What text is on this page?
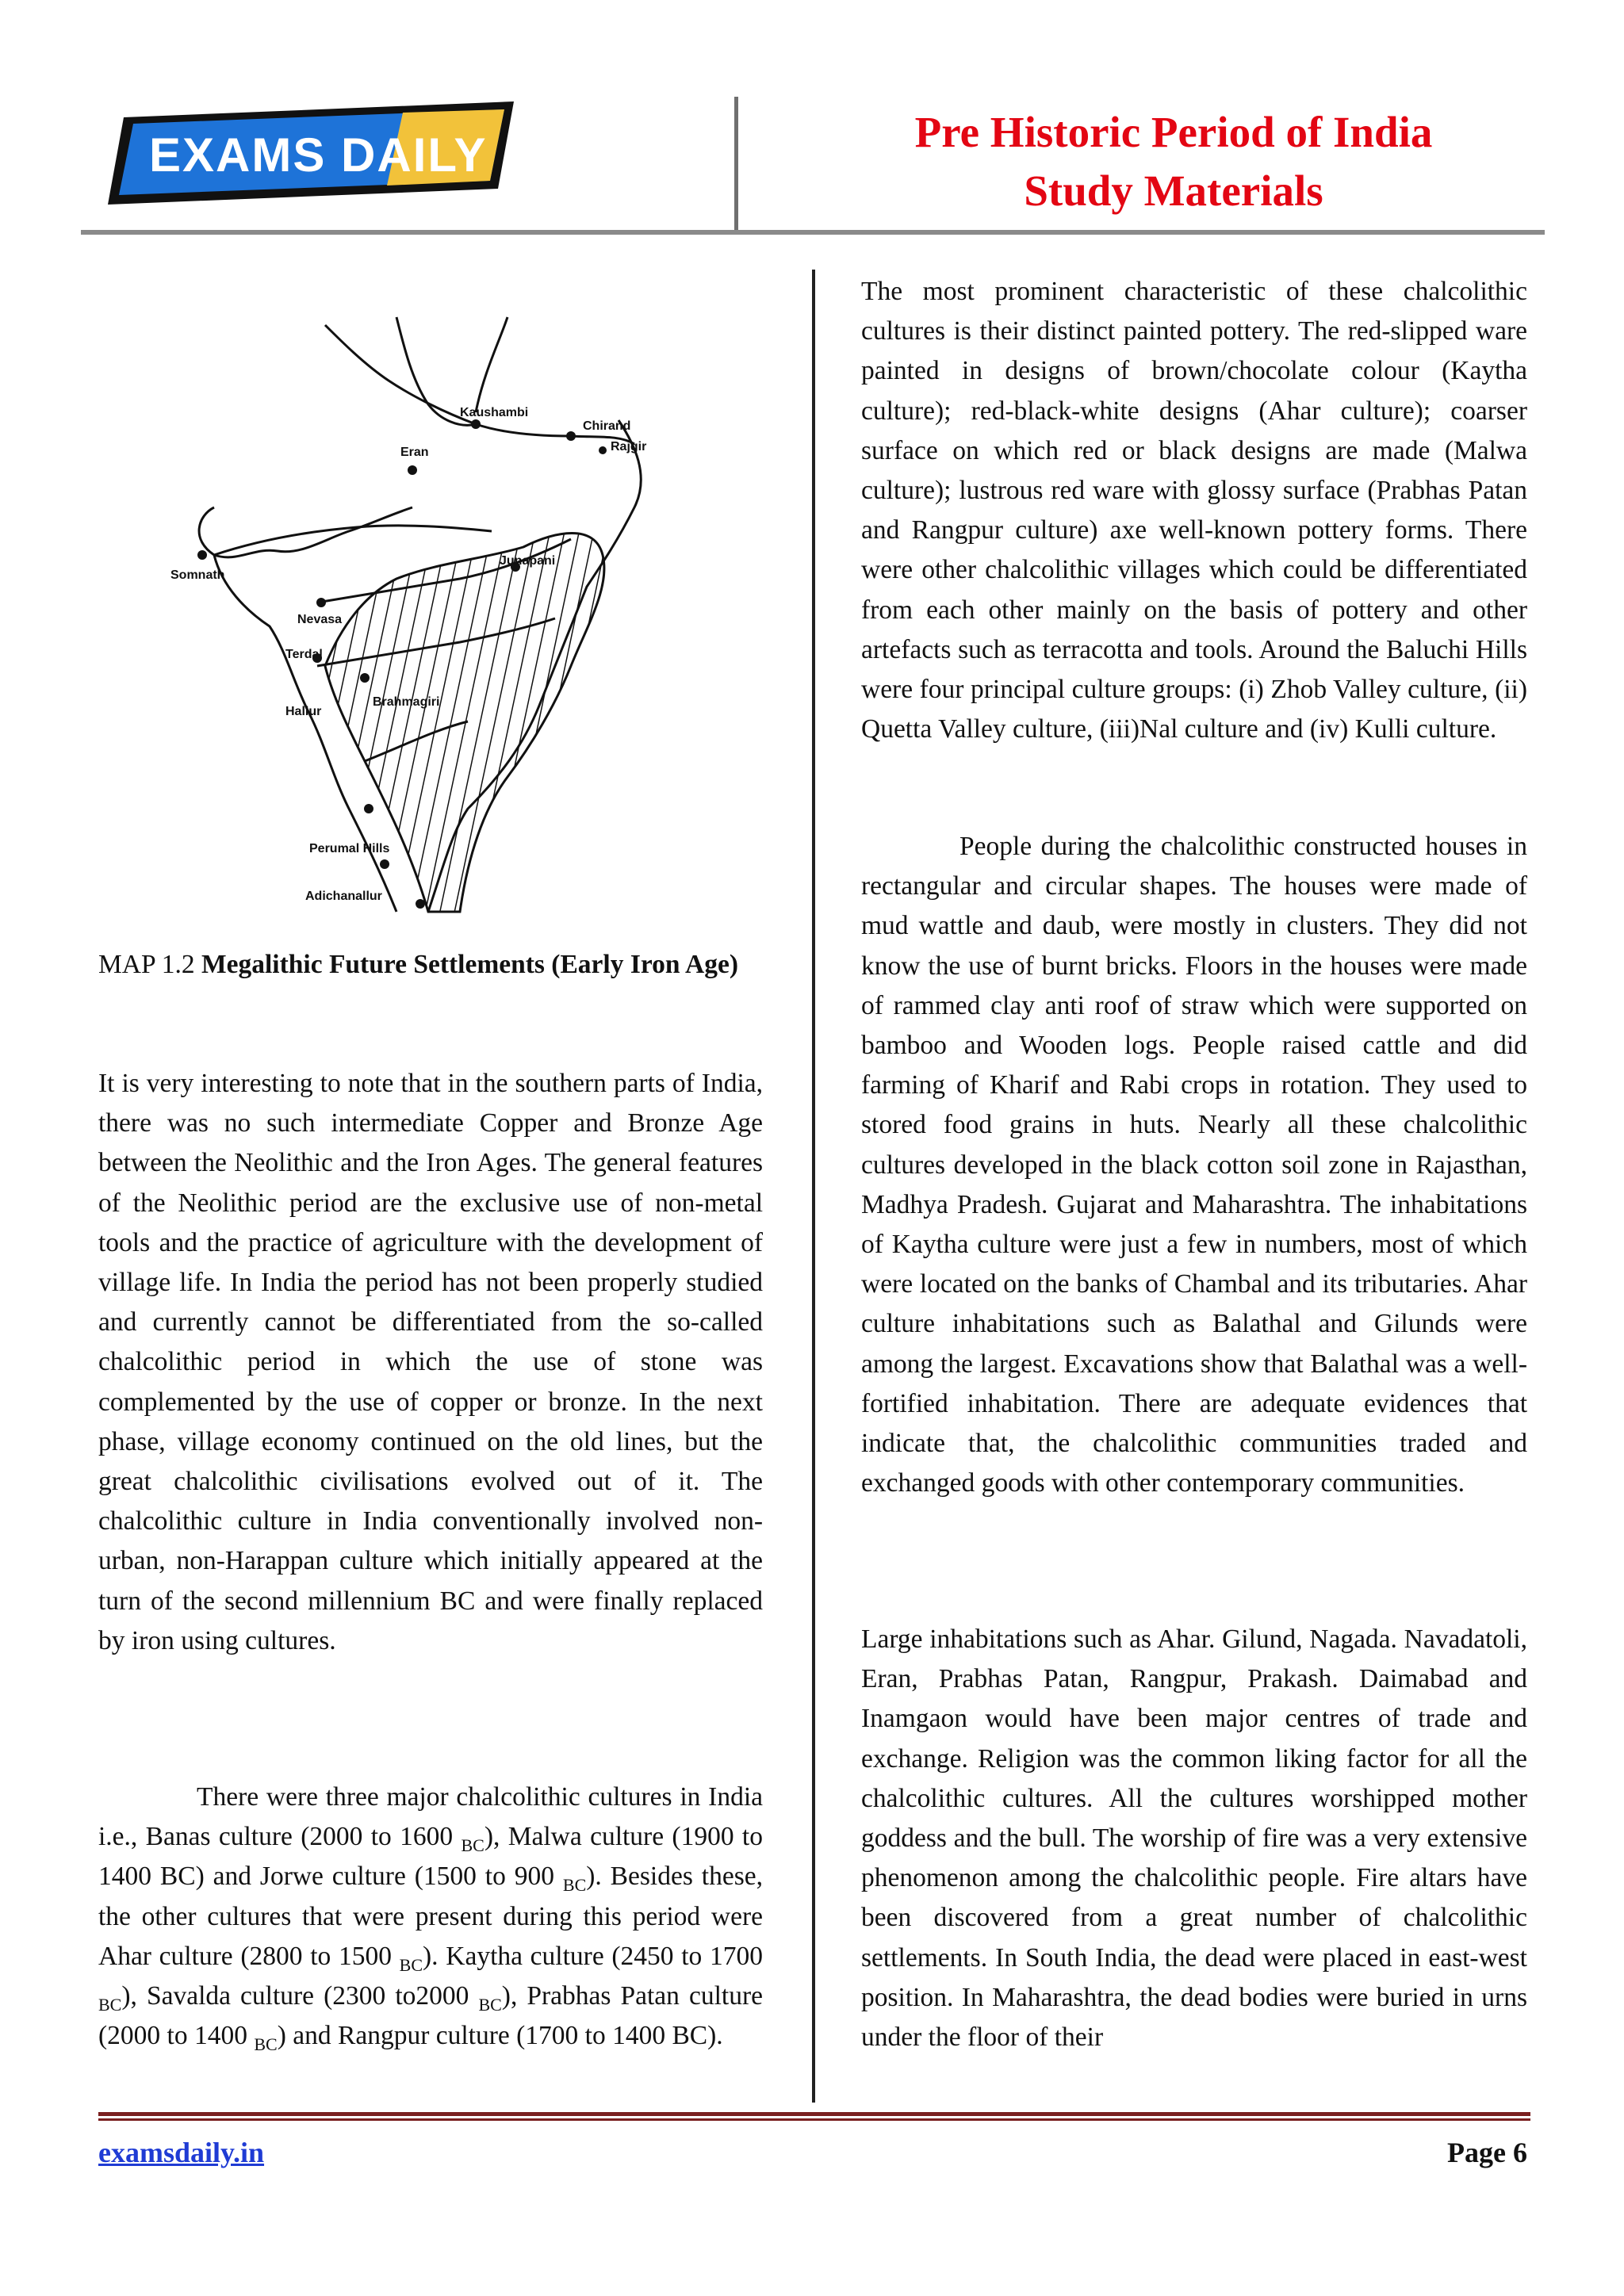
EXAMS DAILY	Pre Historic Period of India
Study Materials
Kaushambi
Chirand
Rajgir
Eran
Somnath
Junapani
Nevasa
Terdal
Hallur
Brahmagiri
Perumal Hills
Adichanallur
MAP 1.2 Megalithic Future Settlements (Early Iron Age)
It is very interesting to note that in the southern parts of India, there was no such intermediate Copper and Bronze Age between the Neolithic and the Iron Ages. The general features of the Neolithic period are the exclusive use of non-metal tools and the practice of agriculture with the development of village life. In India the period has not been properly studied and currently cannot be differentiated from the so-called chalcolithic period in which the use of stone was complemented by the use of copper or bronze. In the next phase, village economy continued on the old lines, but the great chalcolithic civilisations evolved out of it. The chalcolithic culture in India conventionally involved non- urban, non-Harappan culture which initially appeared at the turn of the second millennium BC and were finally replaced by iron using cultures.
There were three major chalcolithic cultures in India i.e., Banas culture (2000 to 1600 $_{BC}$), Malwa culture (1900 to 1400 BC) and Jorwe culture (1500 to 900 $_{BC}$). Besides these, the other cultures that were present during this period were Ahar culture (2800 to 1500 $_{BC}$). Kaytha culture (2450 to 1700 $_{BC}$), Savalda culture (2300 to2000 $_{BC}$), Prabhas Patan culture (2000 to 1400 $_{BC}$) and Rangpur culture (1700 to 1400 BC).
The most prominent characteristic of these chalcolithic cultures is their distinct painted pottery. The red-slipped ware painted in designs of brown/chocolate colour (Kaytha culture); red-black-white designs (Ahar culture); coarser surface on which red or black designs are made (Malwa culture); lustrous red ware with glossy surface (Prabhas Patan and Rangpur culture) axe well-known pottery forms. There were other chalcolithic villages which could be differentiated from each other mainly on the basis of pottery and other artefacts such as terracotta and tools. Around the Baluchi Hills were four principal culture groups: (i) Zhob Valley culture, (ii) Quetta Valley culture, (iii)Nal culture and (iv) Kulli culture.
People during the chalcolithic constructed houses in rectangular and circular shapes. The houses were made of mud wattle and daub, were mostly in clusters. They did not know the use of burnt bricks. Floors in the houses were made of rammed clay anti roof of straw which were supported on bamboo and Wooden logs. People raised cattle and did farming of Kharif and Rabi crops in rotation. They used to stored food grains in huts. Nearly all these chalcolithic cultures developed in the black cotton soil zone in Rajasthan, Madhya Pradesh. Gujarat and Maharashtra. The inhabitations of Kaytha culture were just a few in numbers, most of which were located on the banks of Chambal and its tributaries. Ahar culture inhabitations such as Balathal and Gilunds were among the largest. Excavations show that Balathal was a well-fortified inhabitation. There are adequate evidences that indicate that, the chalcolithic communities traded and exchanged goods with other contemporary communities.
Large inhabitations such as Ahar. Gilund, Nagada. Navadatoli, Eran, Prabhas Patan, Rangpur, Prakash. Daimabad and Inamgaon would have been major centres of trade and exchange. Religion was the common liking factor for all the chalcolithic cultures. All the cultures worshipped mother goddess and the bull. The worship of fire was a very extensive phenomenon among the chalcolithic people. Fire altars have been discovered from a great number of chalcolithic settlements. In South India, the dead were placed in east-west position. In Maharashtra, the dead bodies were buried in urns under the floor of their
examsdaily.in	Page 6
